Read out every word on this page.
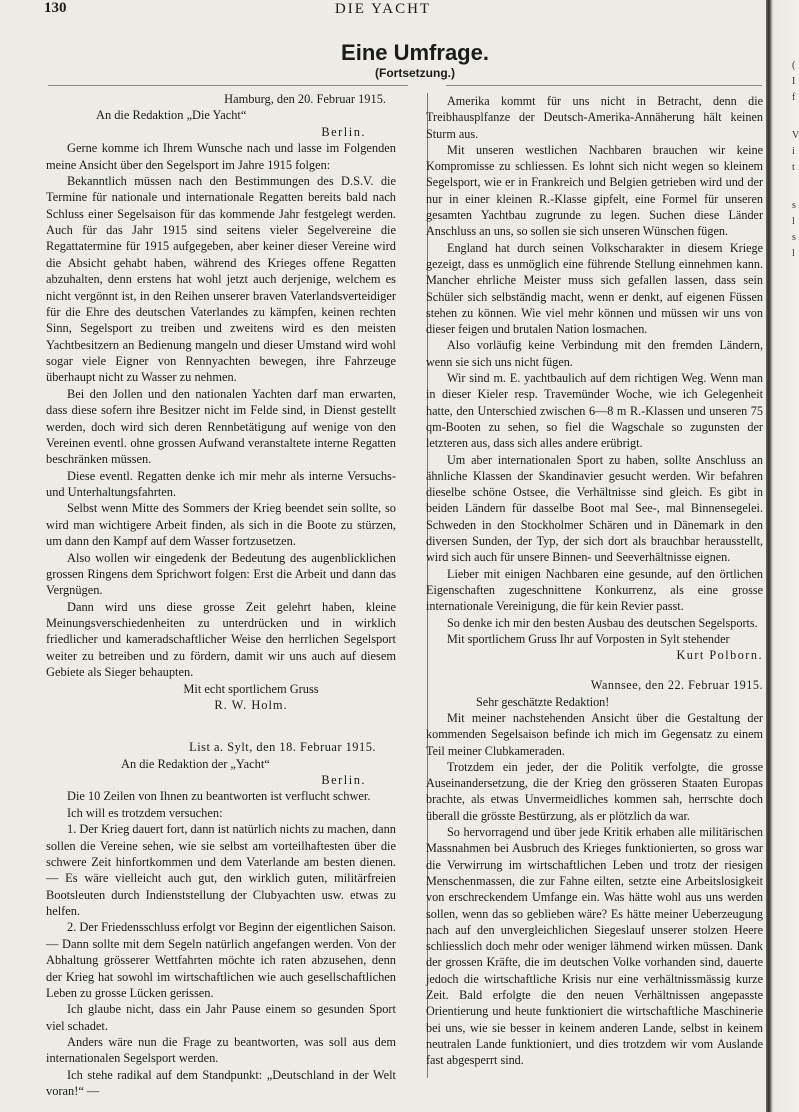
130	DIE YACHT
Eine Umfrage.
(Fortsetzung.)

Hamburg, den 20. Februar 1915.

An die Redaktion „Die Yacht“

Berlin.

Gerne komme ich Ihrem Wunsche nach und lasse im Folgenden meine Ansicht über den Segelsport im Jahre 1915 folgen:

Bekanntlich müssen nach den Bestimmungen des D.S.V. die Termine für nationale und internationale Regatten bereits bald nach Schluss einer Segelsaison für das kommende Jahr festgelegt werden. Auch für das Jahr 1915 sind seitens vieler Segelvereine die Regattatermine für 1915 aufgegeben, aber keiner dieser Vereine wird die Absicht gehabt haben, während des Krieges offene Regatten abzuhalten, denn erstens hat wohl jetzt auch derjenige, welchem es nicht vergönnt ist, in den Reihen unserer braven Vaterlandsverteidiger für die Ehre des deutschen Vaterlandes zu kämpfen, keinen rechten Sinn, Segelsport zu treiben und zweitens wird es den meisten Yachtbesitzern an Bedienung mangeln und dieser Umstand wird wohl sogar viele Eigner von Rennyachten bewegen, ihre Fahrzeuge überhaupt nicht zu Wasser zu nehmen.

Bei den Jollen und den nationalen Yachten darf man erwarten, dass diese sofern ihre Besitzer nicht im Felde sind, in Dienst gestellt werden, doch wird sich deren Rennbetätigung auf wenige von den Vereinen eventl. ohne grossen Aufwand veranstaltete interne Regatten beschränken müssen.

Diese eventl. Regatten denke ich mir mehr als interne Versuchs- und Unterhaltungsfahrten.

Selbst wenn Mitte des Sommers der Krieg beendet sein sollte, so wird man wichtigere Arbeit finden, als sich in die Boote zu stürzen, um dann den Kampf auf dem Wasser fortzusetzen.

Also wollen wir eingedenk der Bedeutung des augenblicklichen grossen Ringens dem Sprichwort folgen: Erst die Arbeit und dann das Vergnügen.

Dann wird uns diese grosse Zeit gelehrt haben, kleine Meinungsverschiedenheiten zu unterdrücken und in wirklich friedlicher und kameradschaftlicher Weise den herrlichen Segelsport weiter zu betreiben und zu fördern, damit wir uns auch auf diesem Gebiete als Sieger behaupten.

Mit echt sportlichem Gruss

R. W. Holm.

List a. Sylt, den 18. Februar 1915.

An die Redaktion der „Yacht“

Berlin.

Die 10 Zeilen von Ihnen zu beantworten ist verflucht schwer.

Ich will es trotzdem versuchen:

1. Der Krieg dauert fort, dann ist natürlich nichts zu machen, dann sollen die Vereine sehen, wie sie selbst am vorteilhaftesten über die schwere Zeit hinfortkommen und dem Vaterlande am besten dienen. — Es wäre vielleicht auch gut, den wirklich guten, militärfreien Bootsleuten durch Indienststellung der Clubyachten usw. etwas zu helfen.

2. Der Friedensschluss erfolgt vor Beginn der eigentlichen Saison. — Dann sollte mit dem Segeln natürlich angefangen werden. Von der Abhaltung grösserer Wettfahrten möchte ich raten abzusehen, denn der Krieg hat sowohl im wirtschaftlichen wie auch gesellschaftlichen Leben zu grosse Lücken gerissen.

Ich glaube nicht, dass ein Jahr Pause einem so gesunden Sport viel schadet.

Anders wäre nun die Frage zu beantworten, was soll aus dem internationalen Segelsport werden.

Ich stehe radikal auf dem Standpunkt: „Deutschland in der Welt voran!“ —

Amerika kommt für uns nicht in Betracht, denn die Treibhausplfanze der Deutsch-Amerika-Annäherung hält keinen Sturm aus.

Mit unseren westlichen Nachbaren brauchen wir keine Kompromisse zu schliessen. Es lohnt sich nicht wegen so kleinem Segelsport, wie er in Frankreich und Belgien getrieben wird und der nur in einer kleinen R.-Klasse gipfelt, eine Formel für unseren gesamten Yachtbau zugrunde zu legen. Suchen diese Länder Anschluss an uns, so sollen sie sich unseren Wünschen fügen.

England hat durch seinen Volkscharakter in diesem Kriege gezeigt, dass es unmöglich eine führende Stellung einnehmen kann. Mancher ehrliche Meister muss sich gefallen lassen, dass sein Schüler sich selbständig macht, wenn er denkt, auf eigenen Füssen stehen zu können. Wie viel mehr können und müssen wir uns von dieser feigen und brutalen Nation losmachen.

Also vorläufig keine Verbindung mit den fremden Ländern, wenn sie sich uns nicht fügen.

Wir sind m. E. yachtbaulich auf dem richtigen Weg. Wenn man in dieser Kieler resp. Travemünder Woche, wie ich Gelegenheit hatte, den Unterschied zwischen 6—8 m R.-Klassen und unseren 75 qm-Booten zu sehen, so fiel die Wagschale so zugunsten der letzteren aus, dass sich alles andere erübrigt.

Um aber internationalen Sport zu haben, sollte Anschluss an ähnliche Klassen der Skandinavier gesucht werden. Wir befahren dieselbe schöne Ostsee, die Verhältnisse sind gleich. Es gibt in beiden Ländern für dasselbe Boot mal See-, mal Binnensegelei. Schweden in den Stockholmer Schären und in Dänemark in den diversen Sunden, der Typ, der sich dort als brauchbar herausstellt, wird sich auch für unsere Binnen- und Seeverhältnisse eignen.

Lieber mit einigen Nachbaren eine gesunde, auf den örtlichen Eigenschaften zugeschnittene Konkurrenz, als eine grosse internationale Vereinigung, die für kein Revier passt.

So denke ich mir den besten Ausbau des deutschen Segelsports.

Mit sportlichem Gruss Ihr auf Vorposten in Sylt stehender

Kurt Polborn.

Wannsee, den 22. Februar 1915.

Sehr geschätzte Redaktion!

Mit meiner nachstehenden Ansicht über die Gestaltung der kommenden Segelsaison befinde ich mich im Gegensatz zu einem Teil meiner Clubkameraden.

Trotzdem ein jeder, der die Politik verfolgte, die grosse Auseinandersetzung, die der Krieg den grösseren Staaten Europas brachte, als etwas Unvermeidliches kommen sah, herrschte doch überall die grösste Bestürzung, als er plötzlich da war.

So hervorragend und über jede Kritik erhaben alle militärischen Massnahmen bei Ausbruch des Krieges funktionierten, so gross war die Verwirrung im wirtschaftlichen Leben und trotz der riesigen Menschenmassen, die zur Fahne eilten, setzte eine Arbeitslosigkeit von erschreckendem Umfange ein. Was hätte wohl aus uns werden sollen, wenn das so geblieben wäre? Es hätte meiner Ueberzeugung nach auf den unvergleichlichen Siegeslauf unserer stolzen Heere schliesslich doch mehr oder weniger lähmend wirken müssen. Dank der grossen Kräfte, die im deutschen Volke vorhanden sind, dauerte jedoch die wirtschaftliche Krisis nur eine verhältnissmässig kurze Zeit. Bald erfolgte die den neuen Verhältnissen angepasste Orientierung und heute funktioniert die wirtschaftliche Maschinerie bei uns, wie sie besser in keinem anderen Lande, selbst in keinem neutralen Lande funktioniert, und dies trotzdem wir vom Auslande fast abgesperrt sind.

(
I
f
V
i
t
s
l
s
l
